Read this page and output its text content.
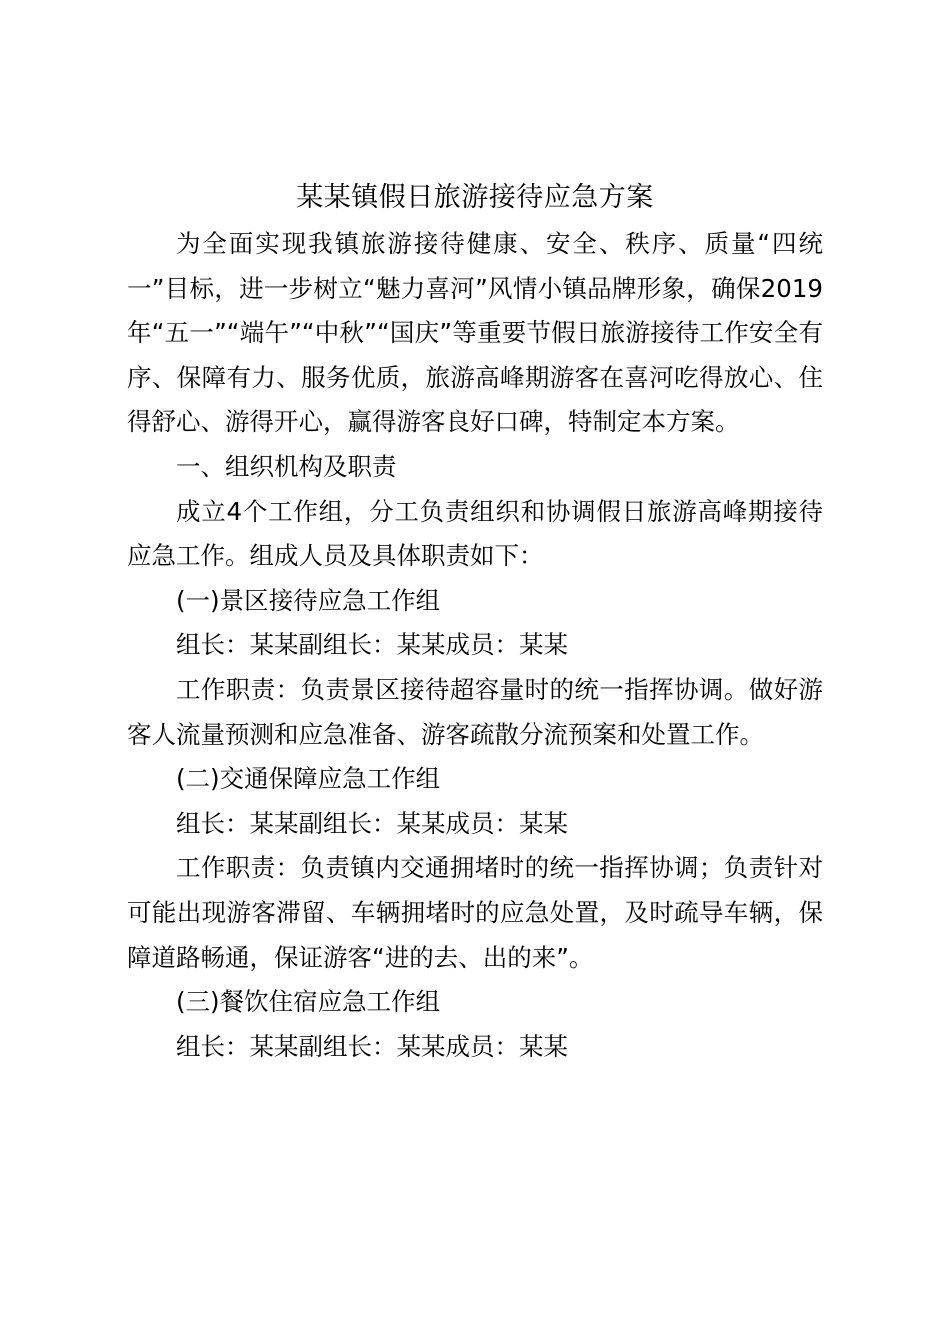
某某镇假日旅游接待应急方案

为全面实现我镇旅游接待健康、安全、秩序、质量“四统一”目标，进一步树立“魅力喜河”风情小镇品牌形象，确保2019年“五一”“端午”“中秋”“国庆”等重要节假日旅游接待工作安全有序、保障有力、服务优质，旅游高峰期游客在喜河吃得放心、住得舒心、游得开心，赢得游客良好口碑，特制定本方案。

一、组织机构及职责

成立4个工作组，分工负责组织和协调假日旅游高峰期接待应急工作。组成人员及具体职责如下：

(一)景区接待应急工作组

组长：某某副组长：某某成员：某某

工作职责：负责景区接待超容量时的统一指挥协调。做好游客人流量预测和应急准备、游客疏散分流预案和处置工作。

(二)交通保障应急工作组

组长：某某副组长：某某成员：某某

工作职责：负责镇内交通拥堵时的统一指挥协调；负责针对可能出现游客滞留、车辆拥堵时的应急处置，及时疏导车辆，保障道路畅通，保证游客“进的去、出的来”。

(三)餐饮住宿应急工作组

组长：某某副组长：某某成员：某某
